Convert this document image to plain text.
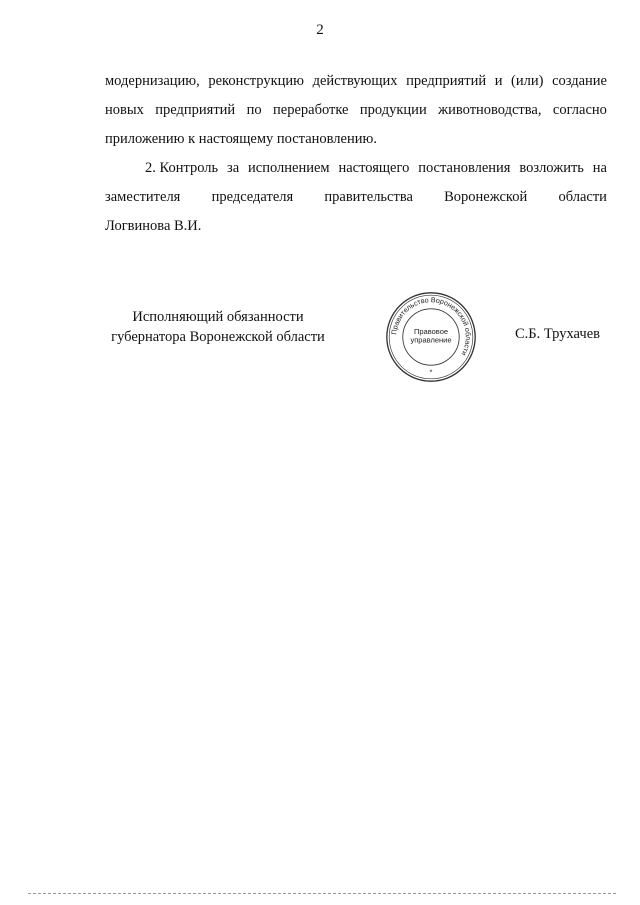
2
модернизацию, реконструкцию действующих предприятий и (или) создание
новых предприятий по переработке продукции животноводства, согласно
приложению к настоящему постановлению.
2. Контроль за исполнением настоящего постановления возложить на
заместителя председателя правительства Воронежской области
Логвинова В.И.
Исполняющий обязанности
губернатора Воронежской области	Правительство Воронежской области
Правовое
управление
*
С.Б. Трухачев
